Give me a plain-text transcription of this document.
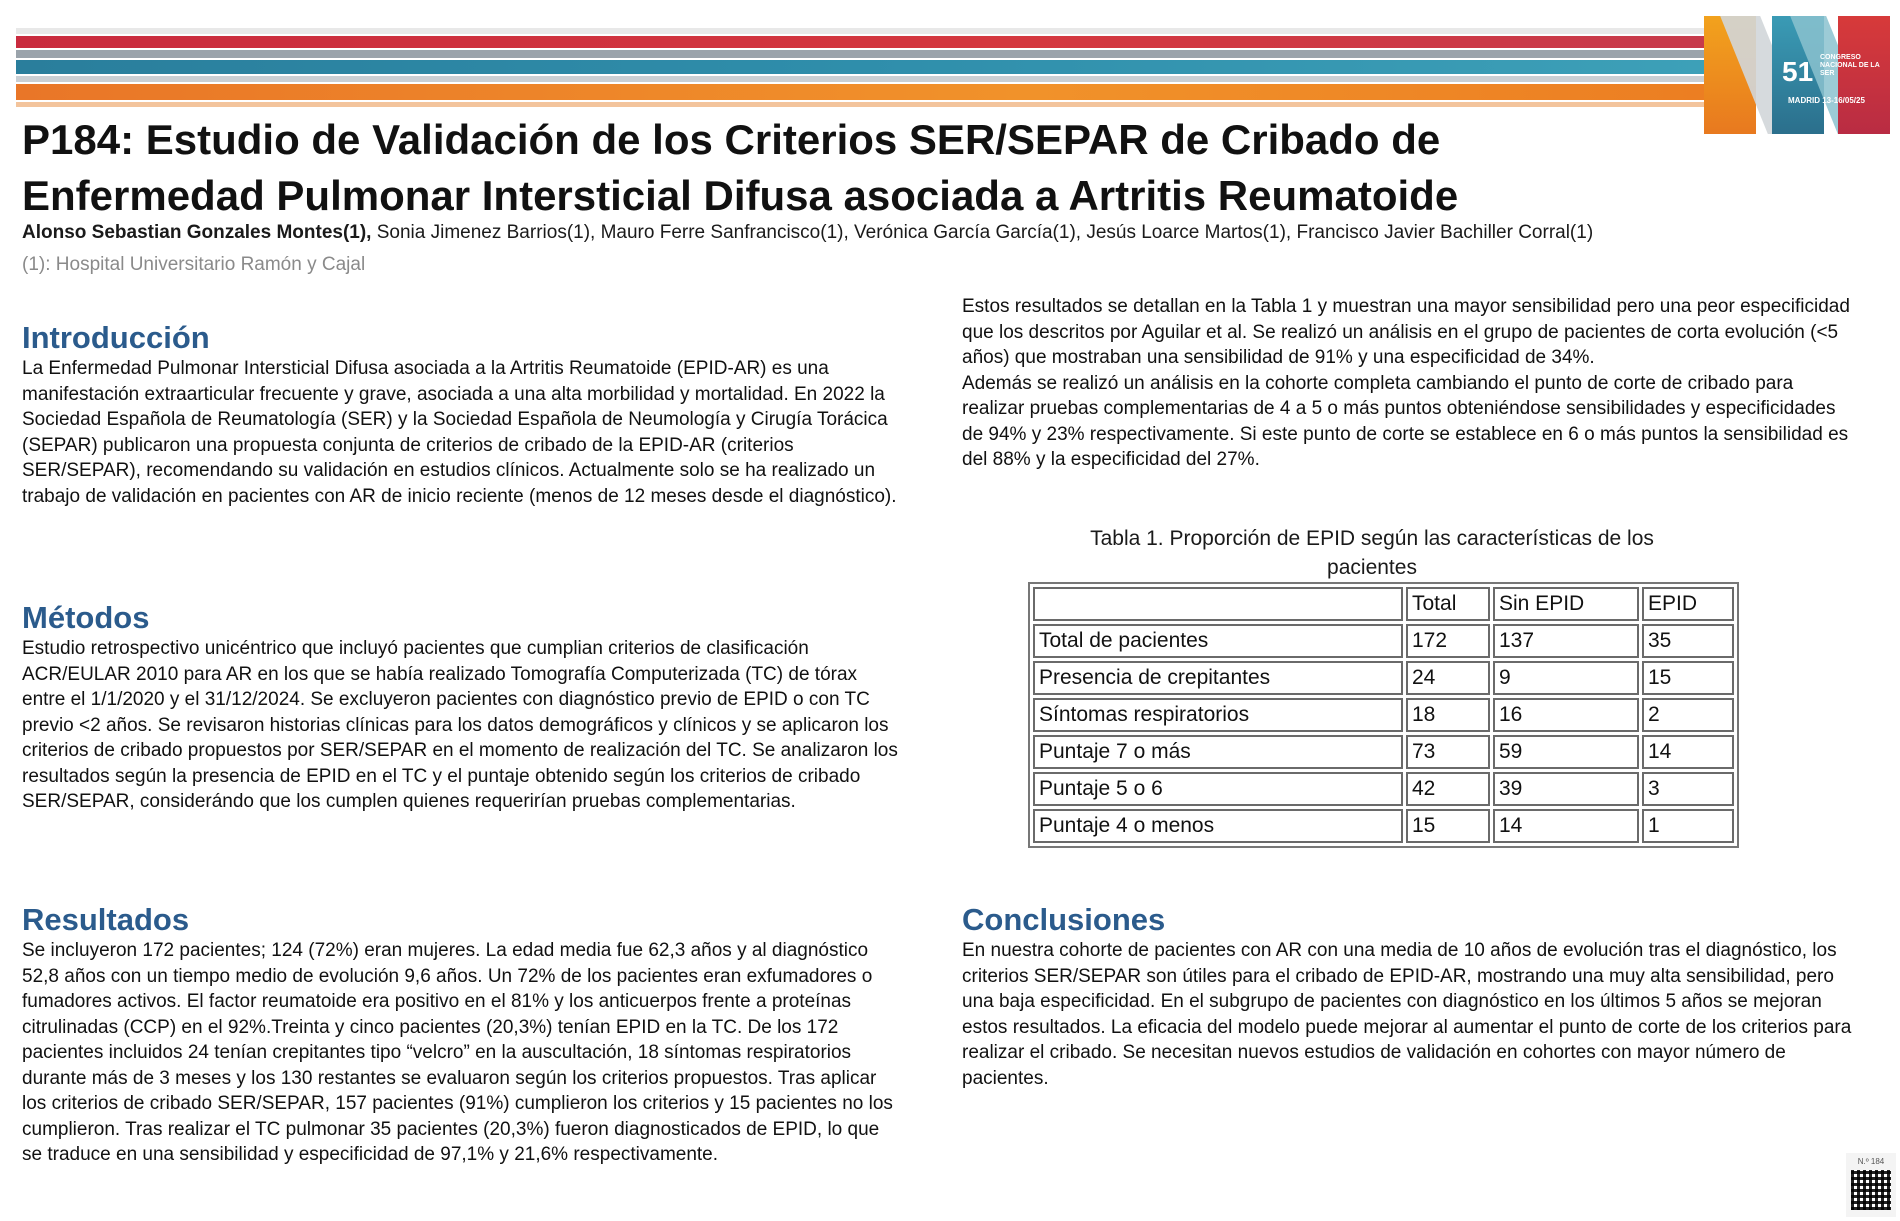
51 CONGRESO NACIONAL DE LA SER
MADRID 13-16/05/25
P184: Estudio de Validación de los Criterios SER/SEPAR de Cribado de Enfermedad Pulmonar Intersticial Difusa asociada a Artritis Reumatoide
Alonso Sebastian Gonzales Montes(1), Sonia Jimenez Barrios(1), Mauro Ferre Sanfrancisco(1), Verónica García García(1), Jesús Loarce Martos(1), Francisco Javier Bachiller Corral(1)
(1): Hospital Universitario Ramón y Cajal
Introducción

La Enfermedad Pulmonar Intersticial Difusa asociada a la Artritis Reumatoide (EPID-AR) es una manifestación extraarticular frecuente y grave, asociada a una alta morbilidad y mortalidad. En 2022 la Sociedad Española de Reumatología (SER) y la Sociedad Española de Neumología y Cirugía Torácica (SEPAR) publicaron una propuesta conjunta de criterios de cribado de la EPID-AR (criterios SER/SEPAR), recomendando su validación en estudios clínicos. Actualmente solo se ha realizado un trabajo de validación en pacientes con AR de inicio reciente (menos de 12 meses desde el diagnóstico).

Métodos

Estudio retrospectivo unicéntrico que incluyó pacientes que cumplian criterios de clasificación ACR/EULAR 2010 para AR en los que se había realizado Tomografía Computerizada (TC) de tórax entre el 1/1/2020 y el 31/12/2024. Se excluyeron pacientes con diagnóstico previo de EPID o con TC previo <2 años. Se revisaron historias clínicas para los datos demográficos y clínicos y se aplicaron los criterios de cribado propuestos por SER/SEPAR en el momento de realización del TC. Se analizaron los resultados según la presencia de EPID en el TC y el puntaje obtenido según los criterios de cribado SER/SEPAR, considerándo que los cumplen quienes requerirían pruebas complementarias.

Resultados

Se incluyeron 172 pacientes; 124 (72%) eran mujeres. La edad media fue 62,3 años y al diagnóstico 52,8 años con un tiempo medio de evolución 9,6 años. Un 72% de los pacientes eran exfumadores o fumadores activos. El factor reumatoide era positivo en el 81% y los anticuerpos frente a proteínas citrulinadas (CCP) en el 92%.Treinta y cinco pacientes (20,3%) tenían EPID en la TC. De los 172 pacientes incluidos 24 tenían crepitantes tipo “velcro” en la auscultación, 18 síntomas respiratorios durante más de 3 meses y los 130 restantes se evaluaron según los criterios propuestos. Tras aplicar los criterios de cribado SER/SEPAR, 157 pacientes (91%) cumplieron los criterios y 15 pacientes no los cumplieron. Tras realizar el TC pulmonar 35 pacientes (20,3%) fueron diagnosticados de EPID, lo que se traduce en una sensibilidad y especificidad de 97,1% y 21,6% respectivamente.

Estos resultados se detallan en la Tabla 1 y muestran una mayor sensibilidad pero una peor especificidad que los descritos por Aguilar et al. Se realizó un análisis en el grupo de pacientes de corta evolución (<5 años) que mostraban una sensibilidad de 91% y una especificidad de 34%.

Además se realizó un análisis en la cohorte completa cambiando el punto de corte de cribado para realizar pruebas complementarias de 4 a 5 o más puntos obteniéndose sensibilidades y especificidades de 94% y 23% respectivamente. Si este punto de corte se establece en 6 o más puntos la sensibilidad es del 88% y la especificidad del 27%.

Tabla 1. Proporción de EPID según las características de los pacientes
	Total	Sin EPID	EPID
Total de pacientes	172	137	35
Presencia de crepitantes	24	9	15
Síntomas respiratorios	18	16	2
Puntaje 7 o más	73	59	14
Puntaje 5 o 6	42	39	3
Puntaje 4 o menos	15	14	1
Conclusiones

En nuestra cohorte de pacientes con AR con una media de 10 años de evolución tras el diagnóstico, los criterios SER/SEPAR son útiles para el cribado de EPID-AR, mostrando una muy alta sensibilidad, pero una baja especificidad. En el subgrupo de pacientes con diagnóstico en los últimos 5 años se mejoran estos resultados. La eficacia del modelo puede mejorar al aumentar el punto de corte de los criterios para realizar el cribado. Se necesitan nuevos estudios de validación en cohortes con mayor número de pacientes.

N.º 184
